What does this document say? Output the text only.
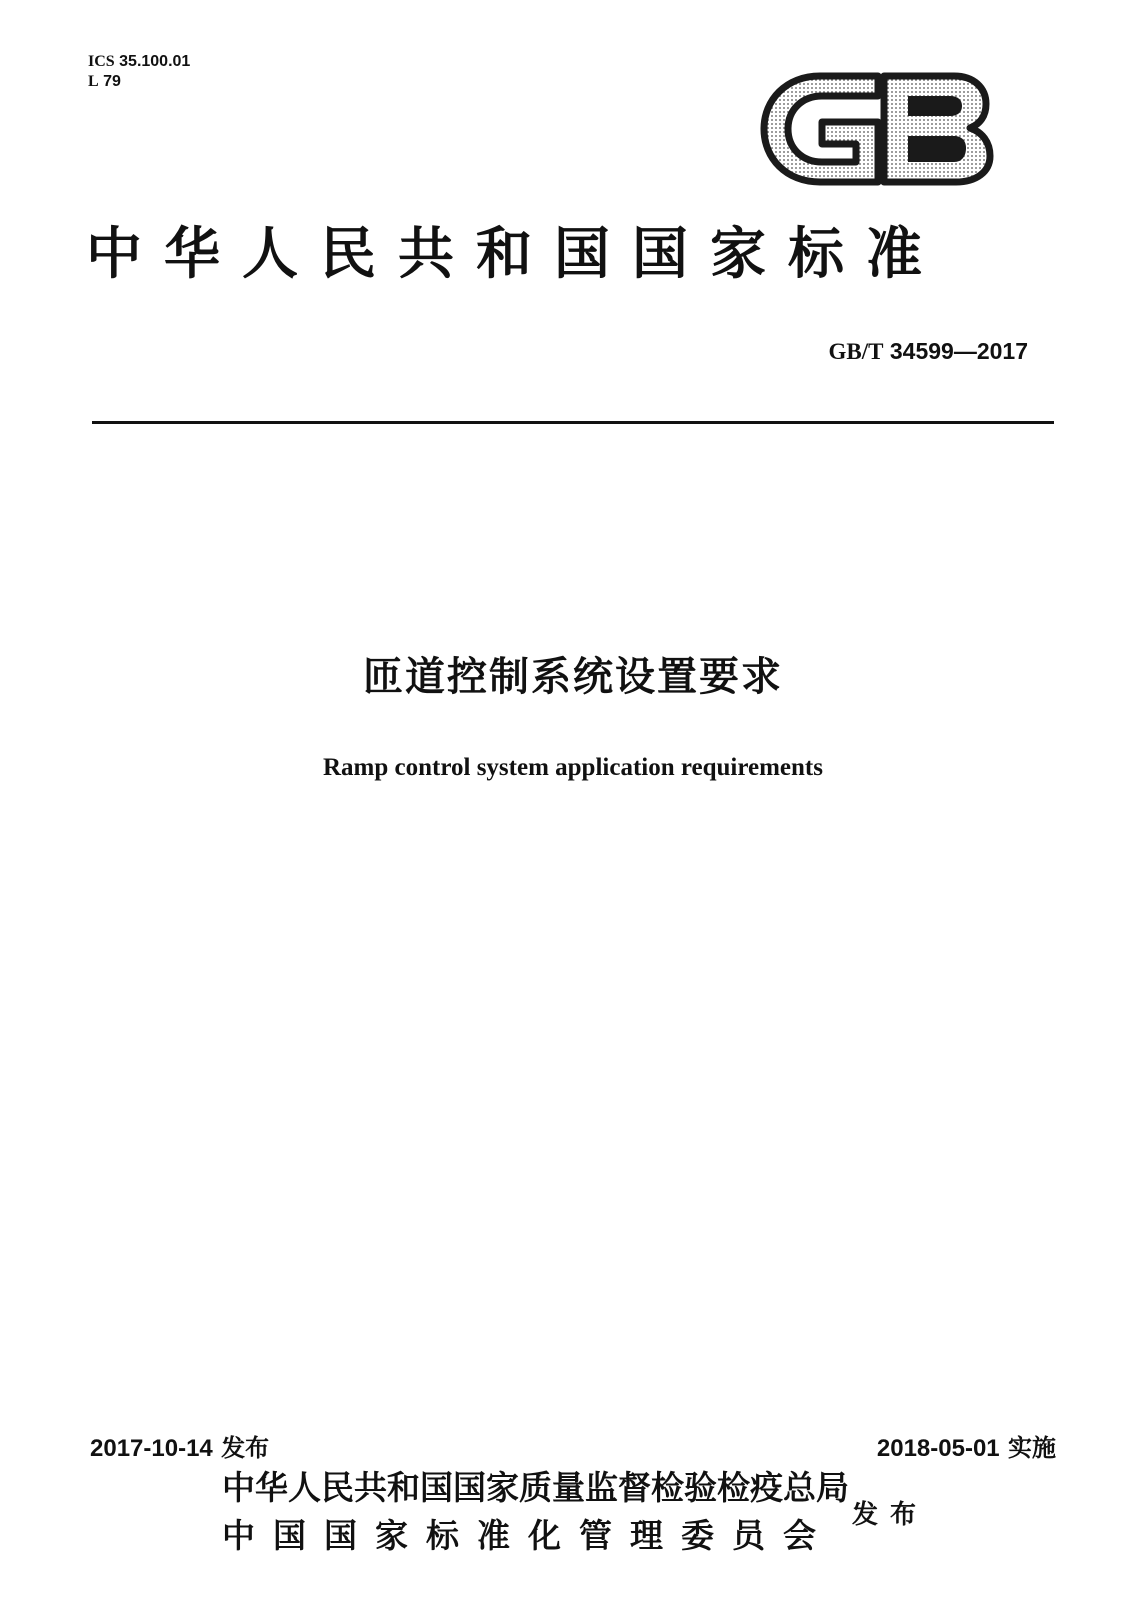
ICS 35.100.01
L 79
中华人民共和国国家标准
GB/T 34599—2017
匝道控制系统设置要求
Ramp control system application requirements
2017-10-14 发布	2018-05-01 实施
中华人民共和国国家质量监督检验检疫总局
中国国家标准化管理委员会
发布
